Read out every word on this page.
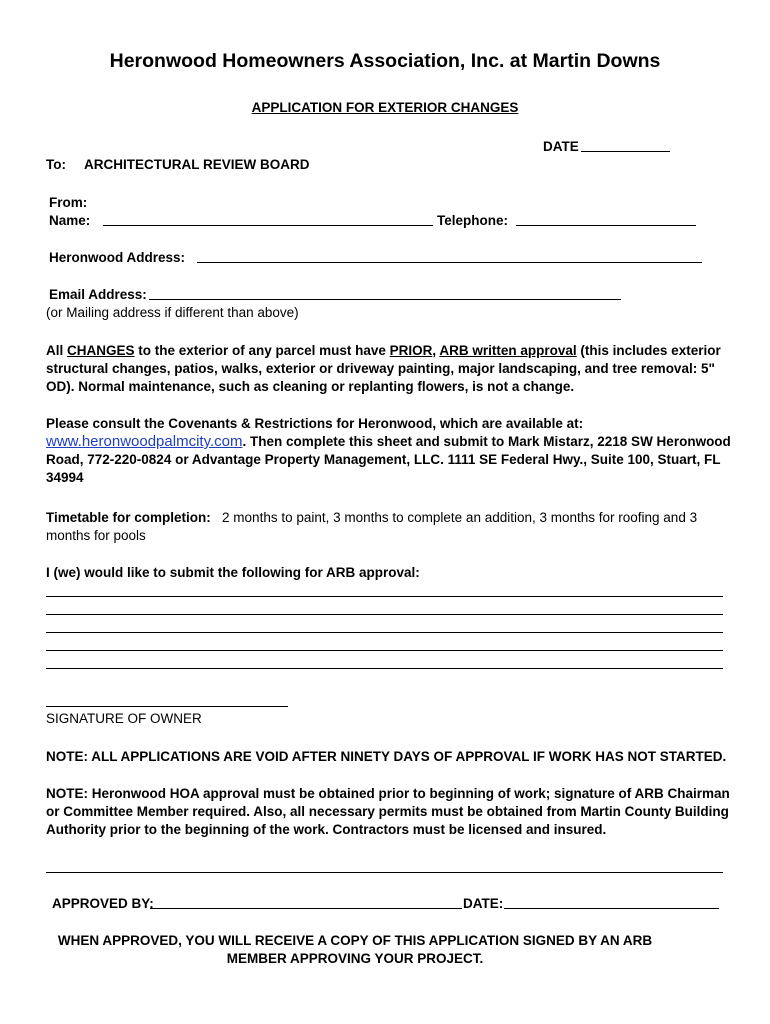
Heronwood Homeowners Association, Inc. at Martin Downs
APPLICATION FOR EXTERIOR CHANGES
DATE
To: ARCHITECTURAL REVIEW BOARD
From:
Name:	Telephone:
Heronwood Address:
Email Address:
(or Mailing address if different than above)
All CHANGES to the exterior of any parcel must have PRIOR, ARB written approval (this includes exterior structural changes, patios, walks, exterior or driveway painting, major landscaping, and tree removal: 5" OD). Normal maintenance, such as cleaning or replanting flowers, is not a change.
Please consult the Covenants & Restrictions for Heronwood, which are available at:
www.heronwoodpalmcity.com. Then complete this sheet and submit to Mark Mistarz, 2218 SW Heronwood Road, 772-220-0824 or Advantage Property Management, LLC. 1111 SE Federal Hwy., Suite 100, Stuart, FL 34994
Timetable for completion: 2 months to paint, 3 months to complete an addition, 3 months for roofing and 3 months for pools
I (we) would like to submit the following for ARB approval:
SIGNATURE OF OWNER
NOTE: ALL APPLICATIONS ARE VOID AFTER NINETY DAYS OF APPROVAL IF WORK HAS NOT STARTED.
NOTE: Heronwood HOA approval must be obtained prior to beginning of work; signature of ARB Chairman or Committee Member required. Also, all necessary permits must be obtained from Martin County Building Authority prior to the beginning of the work. Contractors must be licensed and insured.
APPROVED BY:	DATE:
WHEN APPROVED, YOU WILL RECEIVE A COPY OF THIS APPLICATION SIGNED BY AN ARB
MEMBER APPROVING YOUR PROJECT.
